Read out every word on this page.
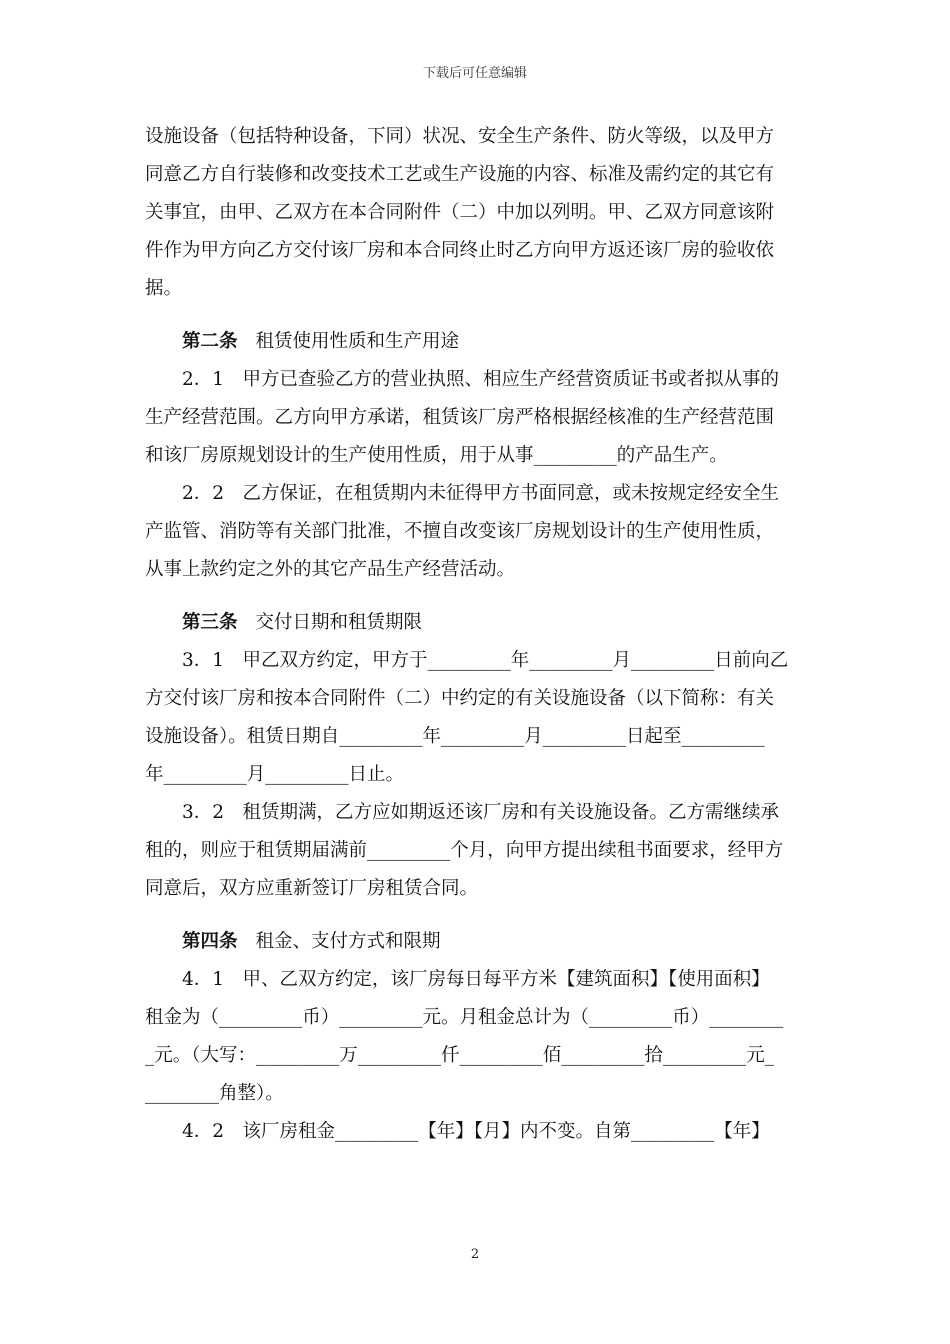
下载后可任意编辑
设施设备（包括特种设备，下同）状况、安全生产条件、防火等级，以及甲方
同意乙方自行装修和改变技术工艺或生产设施的内容、标准及需约定的其它有
关事宜，由甲、乙双方在本合同附件（二）中加以列明。甲、乙双方同意该附
件作为甲方向乙方交付该厂房和本合同终止时乙方向甲方返还该厂房的验收依
据。
第二条 租赁使用性质和生产用途
2．1　甲方已查验乙方的营业执照、相应生产经营资质证书或者拟从事的
生产经营范围。乙方向甲方承诺，租赁该厂房严格根据经核准的生产经营范围
和该厂房原规划设计的生产使用性质，用于从事_________的产品生产。
2．2　乙方保证，在租赁期内未征得甲方书面同意，或未按规定经安全生
产监管、消防等有关部门批准，不擅自改变该厂房规划设计的生产使用性质，
从事上款约定之外的其它产品生产经营活动。
第三条 交付日期和租赁期限
3．1　甲乙双方约定，甲方于_________年_________月_________日前向乙
方交付该厂房和按本合同附件（二）中约定的有关设施设备（以下简称：有关
设施设备）。租赁日期自_________年_________月_________日起至_________
年_________月_________日止。
3．2　租赁期满，乙方应如期返还该厂房和有关设施设备。乙方需继续承
租的，则应于租赁期届满前_________个月，向甲方提出续租书面要求，经甲方
同意后，双方应重新签订厂房租赁合同。
第四条 租金、支付方式和限期
4．1　甲、乙双方约定，该厂房每日每平方米【建筑面积】【使用面积】
租金为（_________币）_________元。月租金总计为（_________币）________
_元。（大写：_________万_________仟_________佰_________拾_________元_
________角整）。
4．2　该厂房租金_________【年】【月】内不变。自第_________【年】
2
